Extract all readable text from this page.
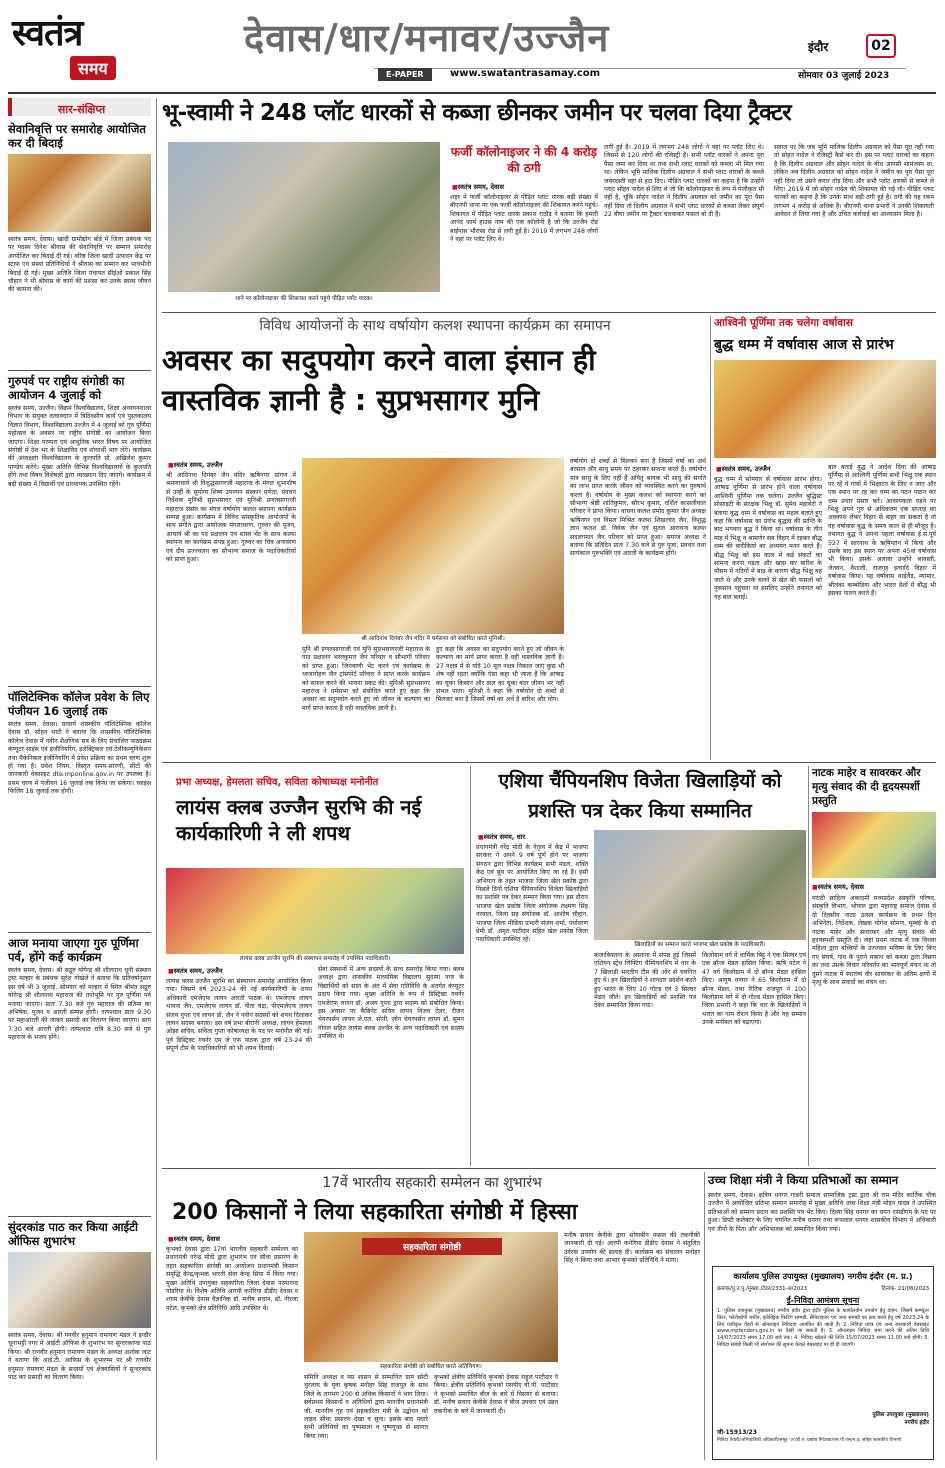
स्वतंत्र
समय
देवास/धार/मनावर/उज्जैन
E-PAPER	www.swatantrasamay.com
इंदौर	02
सोमवार 03 जुलाई 2023
सार-संक्षिप्त
सेवानिवृत्ति पर समारोह आयोजित कर दी बिदाई
स्वतंत्र समय, देवास। खादी ग्रामोद्योग बोर्ड में जिला प्रबंधक पद पर पदस्थ दिनेश श्रीवास की सेवानिवृत्ति पर सम्मान समारोह आयोजित कर बिदाई दी गई। वरिष्ठ जिला खादी उत्पादन केंद्र पर स्टाफ एवं संस्था प्रतिनिधियों ने श्रीवास का सम्मान कर भावभीनी बिदाई दी गई। मुख्य अतिथि जिला पंचायत सीईओ प्रकाश सिंह चौहान ने भी श्रीवास के कार्य की प्रशंसा कर उनके स्वस्थ जीवन की कामना की।
गुरुपर्व पर राष्ट्रीय संगोष्ठी का आयोजन 4 जुलाई को
स्वतंत्र समय, उज्जैन। विक्रम विश्वविद्यालय, शिक्षा अध्ययनशाला विभाग के संयुक्त तत्वावधान में त्रिदिवसीय कार्य एवं पुस्तकालय विज्ञान विभाग, विश्वविद्यालय उज्जैन में 4 जुलाई को गुरु पूर्णिमा महोत्सव के अवसर पर राष्ट्रीय संगोष्ठी का आयोजन किया जाएगा। शिक्षा परम्परा एवं आधुनिक भारत विषय पर आयोजित संगोष्ठी में देश भर के शिक्षाविद एवं शोधार्थी भाग लेंगे। कार्यक्रम की अध्यक्षता विश्वविद्यालय के कुलपति प्रो. अखिलेश कुमार पाण्डेय करेंगे। मुख्य अतिथि विभिन्न विश्वविद्यालयों के कुलपति होंगे तथा विषय विशेषज्ञों द्वारा व्याख्यान दिए जाएंगे। कार्यक्रम में बड़ी संख्या में विद्यार्थी एवं प्राध्यापक उपस्थित रहेंगे।
पॉलिटेक्निक कॉलेज प्रवेश के लिए पंजीयन 16 जुलाई तक
स्वतंत्र समय, देवास। प्राचार्य शासकीय पॉलिटेक्निक कॉलेज देवास डॉ. सोहन भाटी ने बताया कि शासकीय पॉलिटेक्निक कॉलेज देवास में नवीन शैक्षणिक सत्र के लिए संचालित पाठ्यक्रम कंप्यूटर साइंस एवं इंजीनियरिंग, इलेक्ट्रिकल एवं टेलीकम्युनिकेशन तथा मैकेनिकल इंजीनियरिंग में प्रवेश प्रक्रिया का प्रथम चरण शुरू हो गया है। प्रवेश नियम, विस्तृत समय-सारणी, सीटों की जानकारी वेबसाइट dte.mponline.gov.in पर उपलब्ध है। प्रथम चरण में पंजीयन 16 जुलाई तक किया जा सकेगा। च्वाइस फिलिंग 18 जुलाई तक होगी।
आज मनाया जाएगा गुरु पूर्णिमा पर्व, होंगे कई कार्यक्रम
स्वतंत्र समय, देवास। श्री सद्गुरु योगेन्द्र श्री शीलनाथ धूनी संस्थान ट्रस्ट मल्हार के प्रबंधक सुरेश गोखले ने बताया कि प्रतिवर्षानुसार इस वर्ष भी 3 जुलाई, सोमवार को मल्हार में स्थित श्रीमंत सद्गुरु योगेन्द्र श्री शीलनाथ महाराज की तपोभूमि पर गुरु पूर्णिमा पर्व मनाया जाएगा। प्रातः 7.30 बजे गुरु महाराज की प्रतिमा का अभिषेक, पूजन व आरती सम्पन्न होगी। तत्पश्चात प्रातः 9.30 पर महाआरती की जाकर प्रसादी का वितरण किया जाएगा। सायं 7.30 बजे आरती होगी। तत्पश्चात रात्रि 8.30 बजे से गुरु महाराज के भजन होंगे।
सुंदरकांड पाठ कर किया आईटी ऑफिस शुभारंभ
स्वतंत्र समय, देवास। श्री पनवीर हनुमान रामायण मंडल ने इन्दौर चूनाभट्टी नगर में आईटी ऑफिस के शुभारंभ पर सुन्दरकाण्ड पाठ किया। श्री रत्नवीर हनुमान रामायण मंडल के अध्यक्ष अशोक जाट ने बताया कि आई.टी. आफिस के शुभारम्भ पर श्री रत्नवीर हनुमान रामायण मंडल के सदस्यों एवं क्षेत्रवासियों ने सुन्दरकांड पाठ कर प्रसादी का वितरण किया।
भू-स्वामी ने 248 प्लॉट धारकों से कब्जा छीनकर जमीन पर चलवा दिया ट्रैक्टर
थाने पर कॉलोनाइजर की शिकायत करने पहुंचे पीड़ित प्लॉट धारक।
फर्जी कॉलोनाइजर ने की 4 करोड़ की ठगी
■ स्वतंत्र समय, देवास
शहर में फर्जी कॉलोनाइजर से पीड़ित प्लाट धारक बड़ी संख्या में बीएनपी थाना पर एक फर्जी कॉलोनाइजर की शिकायत करने पहुंचे। शिकायत में पीड़ित प्लाट धारक प्रकाश राठौड़ ने बताया कि हमारी आनंद फार्म हाउस नाम की एक कॉलोनी है जो कि उज्जैन रोड बाईपास भौरासा रोड से लगी हुई है। 2019 में लगभग 248 लोगों ने वहां पर प्लॉट लिए थे।
लगी हुई है। 2019 में लगभग 248 लोगों ने वहां पर प्लॉट लिए थे। जिसमें से 120 लोगों की रजिस्ट्री है। सभी प्लॉट धारकों ने अपना पूरा पैसा जमा कर दिया था तथा सभी प्लाट धारकों को कब्जा भी मिल गया था। लेकिन भूमि मालिक दिलीप अग्रवाल ने सभी प्लाट धारकों के कब्जे जबरदस्ती वहां से हटा दिए। पीड़ित प्लाट धारकों का कहना है कि उन्होंने प्लाट सोहन नादेल से लिए थे जो कि कॉलोनाइजर के रूप में पंजीकृत भी नहीं है, चूंकि सोहन नादेल ने दिलीप अग्रवाल को जमीन का पूरा पैसा नहीं दिया तो दिलीप अग्रवाल ने सभी प्लाट धारकों से कब्जा लेकर संपूर्ण 22 बीघा जमीन पर ट्रैक्टर चलवाकर फसल बो दी है।
सवाल पर कि जब भूमि मालिक दिलीप अग्रवाल को पैसा पूरा नहीं गया तो सोहन नादेल ने रजिस्ट्री कैसे कर दी। इस पर प्लाट धारकों का कहना है कि दिलीप अग्रवाल और सोहन नादेल के बीच आपसी सामंजस्य था, लेकिन जब दिलीप अग्रवाल को सोहन नादेल ने जमीन का पूरा पैसा पूरा नहीं दिया तो उसने करार तोड़ दिया और सभी प्लॉट धारकों से कब्जे ले लिए। 2019 में जो सोहन नादेल की शिकायत की गई थी। पीड़ित प्लाट धारकों का कहना है कि उनके साथ बड़ी ठगी हुई है। ठगी की यह रकम लगभग 4 करोड़ से अधिक है। बीएनपी थाना प्रभारी ने उनकी शिकायती आवेदन ले लिया गया है और उचित कार्रवाई का आश्वासन मिला है।
विविध आयोजनों के साथ वर्षायोग कलश स्थापना कार्यक्रम का समापन
अवसर का सदुपयोग करने वाला इंसान ही वास्तविक ज्ञानी है : सुप्रभसागर मुनि
■ स्वतंत्र समय, उज्जैन
श्री आदिनाथ दिगंबर जैन मंदिर ऋषिनगर प्रांगण में श्रमणाचार्य श्री विशुद्धसागरजी महाराज के मंगल शुभाशीष से उन्हीं के सुयोग्य शिष्य उपनयन संस्कार प्रणेता, प्रवचन निर्देशक मुनिश्री सुप्रभसागर एवं मुनिश्री प्रणतसागरजी महाराज संसंघ का मंगल वर्षायोग कलश स्थापना कार्यक्रम सम्पन्न हुआ। कार्यक्रम में विविध सांस्कृतिक आयोजनों के साथ संगीत द्वारा आयोजक मंगलाचरण, गुरुवर की पूजन, आचार्य श्री का पद प्रक्षालन एवं शास्त्र भेंट के साथ कलश स्थापना का कार्यक्रम संपन्न हुआ। गुरुवर का चित्र अनावरण एवं दीप प्रज्ज्वलन का सौभाग्य समाज के पदाधिकारियों को प्राप्त हुआ।
श्री आदिनाथ दिगंबर जैन मंदिर में धर्मसभा को संबोधित करते मुनिश्री।
मुनि श्री प्रणतसागरजी एवं मुनि सुप्रभसागरजी महाराज के पाद प्रक्षालन भरतकुमार जैन परिवार व सौभागी परिवार को प्राप्त हुआ। जिनवाणी भेंट करने एवं कार्यक्रम के ध्वजारोहण जैन ट्रांसपोर्ट परिवार ने प्राप्त करके कार्यक्रम को सफल करने की भावना प्रकट की। मुनिश्री सुप्रभसागर महाराज ने धर्मसभा को संबोधित करते हुए कहा कि अवसर का सदुपयोग करते हुए जो जीवन के कल्याण का मार्ग प्राप्त करता है वही वास्तविक ज्ञानी है।
हुए कहा कि अवसर का सदुपयोग करते हुए जो जीवन के कल्याण का मार्ग प्राप्त करता है वही वास्तविक ज्ञानी है। 27 नक्षत्र में से यदि 10 मूल नक्षत्र निकाल जाएं कुछ भी शेष नहीं रहता क्योंकि ऐसा कहा भी जाता है कि आषाढ़ का चूका किसान और डाल का चूका बंदर जीवन भर नहीं संभल पाता। मुनिश्री ने कहा कि वर्षायोग दो शब्दों से मिलकर बना है जिसमें वर्षा का अर्थ है बारिश और योग।
वर्षायोग दो शब्दों से मिलकर बना है जिसमें वर्षा का अर्थ बरसात और साधु समय पर ठहरकर साधना करते हैं। वर्षायोग मात्र साधु के लिए नहीं हैं अपितु श्रावक भी साधु की संगति का लाभ प्राप्त करके जीवन को व्यवस्थित करने का पुरुषार्थ करता है। वर्षायोग के मुख्य कलश को स्थापना करने का सौभाग्य श्रेष्ठी शांतिकुमार, सौरभ कुमार, दर्शित कासलीवाल परिवार ने प्राप्त किया। वाचना कलश प्रमोद कुमार जैन अध्यक्ष ऋषिनगर एवं विमल मिश्रित कलश शिखरचंद जैन, विशुद्ध ज्ञान कलश डॉ. विवेक जैन एवं सुतल आराधना कलश सदलगमल जैन परिवार को प्राप्त हुआ। समाज अध्यक्ष ने बताया कि प्रतिदिन प्रातः 7.30 बजे से गुरु पूजा, प्रवचन तथा सायंकाल गुरुभक्ति एवं आरती के कार्यक्रम होंगे।
आश्विनी पूर्णिमा तक चलेगा वर्षावास
बुद्ध धम्म में वर्षावास आज से प्रारंभ
■ स्वतंत्र समय, उज्जैन
बुद्ध धम्म में सोमवार से वर्षावास प्रारंभ होगा। आषाढ़ पूर्णिमा से प्रारंभ होने वाला वर्षावास आश्विनी पूर्णिमा तक चलेगा। उज्जैन बुद्धिस्ट सोसाइटी के संरक्षक भिक्षु डॉ. सुमेध महाथेरो ने बताया बुद्ध धम्म में वर्षावास का महत्व बताते हुए कहा कि वर्षावास का प्रारंभ बुद्धत्व की प्राप्ति के बाद भगवान बुद्ध ने किया था। वर्षावास के तीन माह में भिक्षु व श्रामणेर सब विहार में रहकर बौद्ध धम्म की बारीकियों का अध्ययन मनन करते हैं। बौद्ध भिक्षु को इस काल में कई संकटों का सामना करना पड़ता और खास कर बारिश के मौसम में नदियों में बाढ़ के कारण बौद्ध भिक्षु बह जाते थे और उनके चलने से खेत की फसलों को नुकसान पहुंचता था इसलिए उन्होंने तथागत को यह बात बताई।
बात बताई बुद्ध ने आदेश दिया की आषाढ़ पूर्णिमा से आश्विनी पूर्णिमा सभी भिक्षु एक स्थान पर रहें ये गांवों में भिक्षाटन के लिए न जाए और एक स्थान पर रह कर धम्म का पठन पाठन कर धम्म प्रचार प्रसार करें। आवश्यकता पड़ने पर भिक्षु अपने गुरु से अधिकतम एक सप्ताह का अवकाश लेकर विहार से बाहर जा सकता है तो वह वर्षावास बुद्ध के समय काल से ही मौजूद है। तथागत बुद्ध ने अपना पहला वर्षावास ई.स.पूर्व 527 में सारनाथ के ऋषिपतन में किया और उसके बाद इस स्थान पर अपना 45वां वर्षावास भी किया। इसके अलावा उन्होंने श्रावस्ती, जेतवन, वैशाली, राजगृह इत्यादि विहार में वर्षावास किया। यह वर्षावास थाईलैंड, म्यांमार, श्रीलंका कम्बोडिया और भारत देशों में बौद्ध भी इसका पालन करते हैं।
प्रभा अध्यक्ष, हेमलता सचिव, सविता कोषाध्यक्ष मनोनीत
लायंस क्लब उज्जैन सुरभि की नई कार्यकारिणी ने ली शपथ
लायंस क्लब उज्जैन सुरभि की संस्थापन समारोह में उपस्थित पदाधिकारी।
■ स्वतंत्र समय, उज्जैन
लायंस क्लब उज्जैन सुरभि का संस्थापन समारोह आयोजित किया गया। जिसमें वर्ष 2023-24 की नई कार्यकारिणी के शपथ अधिकारी एमजेएफ लायन आरती पाठक थे। एमजेएफ लायन भावना जैन, एमजेएफ लायन डॉ. नीता चंद्रा, पीएमजेएफ लायन संजय गुप्ता एवं लायन डॉ. जैन ने नवीन सदस्यों को शपथ दिलाकर लायन सदस्य बनाया। इस वर्ष प्रभा बीरानी अध्यक्ष, लायन हेमलता ओझा सचिव, सविता गुप्ता कोषाध्यक्ष के पद पर मनोनीत की गई। पूर्व डिस्ट्रिक्ट गवर्नर एम जे एफ पाठक द्वारा वर्ष 23-24 की संपूर्ण टीम के पदाधिकारियों को भी शपथ दिलाई।
सेवा संस्थानों में अन्य सदस्यों के साथ समारोह किया गया। क्लब अध्यक्ष द्वारा शासकीय माध्यमिक विद्यालय सुदामा नगर के विद्यार्थियों को साल के अंत में सेवा गतिविधि के अंतर्गत कंप्यूटर प्रदाय किया गया। मुख्य अतिथि के रूप में डिस्ट्रिक्ट गवर्नर एमजेएफ लायन डॉ. अजय गुप्ता द्वारा सदस्य को संबोधित किया। इस अवसर पर कैबिनेट सचिव लायन विजय टेलर, रीजन चेयरपर्सन लायन जे.एल. सोनी, ज़ोन चेयरपर्सन लायन डॉ. सुमन गोयल सहित लायंस क्लब उज्जैन के अन्य पदाधिकारी एवं सदस्य उपस्थित थे।
एशिया चैंपियनशिप विजेता खिलाड़ियों को प्रशस्ति पत्र देकर किया सम्मानित
■ स्वतंत्र समय, धार
प्रधानमंत्री नरेंद्र मोदी के नेतृत्व में केंद्र में भाजपा सरकार ने अपने 9 वर्ष पूर्ण होने पर भाजपा संगठन द्वारा विभिन्न कार्यक्रम सभी मंडल, शक्ति केंद्र एवं बूथ पर आयोजित किए जा रहे हैं। इसी अभियान के तहत भाजपा जिला खेल प्रकोष्ठ द्वारा पिछले दिनों एशिया चैंपियनशिप विजेता खिलाड़ियों का प्रशस्ति पत्र देकर सम्मान किया गया। इस दौरान भाजपा खेल प्रकोष्ठ जिला संयोजक लक्ष्मण सिंह नरवाल, जिला सह संयोजक डॉ. आशीष चौहान, भाजपा जिला मीडिया प्रभारी संजय शर्मा, पर्यावरण प्रेमी डॉ. अमृत पाटीदार सहित खेल प्रकोष्ठ जिला पदाधिकारी उपस्थित रहे।
खिलाड़ियों का सम्मान करते भाजपा खेल प्रकोष्ठ के पदाधिकारी।
कजाकिस्तान के अस्ताना में संपन्न हुई जिसमें एशियन स्ट्रेंथ लिफ्टिंग चैम्पियनशिप में धार के 7 खिलाड़ी भारतीय टीम की ओर से चयनित हुए थे। इन खिलाड़ियों ने शानदार प्रदर्शन करते हुए भारत के लिए 10 गोल्ड एवं 3 सिल्वर मेडल जीते। इन खिलाड़ियों को प्रशस्ति पत्र देकर सम्मानित किया गया।
किलोग्राम वर्ग में धार्मिक बिट्टू ने एक सिल्वर एवं एक ब्रॉन्ज मेडल हासिल किया। ऋषि पटेल ने 47 वर्ग किलोग्राम में दो ब्रॉन्ज मेडल हासिल किए। आयुष धनगर ने 65 किलोग्राम में दो ब्रॉन्ज मेडल, तथा रितिक राजपूत ने 100 किलोग्राम वर्ग में दो गोल्ड मेडल हासिल किए। जिला प्रभारी ने कहा कि धार के खिलाड़ियों ने भारत का नाम रोशन किया है और यह सम्मान उनके मनोबल को बढ़ाएगा।
नाटक माहेर व सावरकर और मृत्यु संवाद की दी हृदयस्पर्शी प्रस्तुति
■ स्वतंत्र समय, देवास
मराठी साहित्य अकादमी मध्यप्रदेश संस्कृति परिषद, संस्कृति विभाग, भोपाल द्वारा महाराष्ट्र समाज देवास में दो दिवसीय नाट्य उत्सव कार्यक्रम के प्रथम दिन अभिनेता, निर्देशक, लेखक योगेश सोमण, मुम्बई के दो नाटक माहेर और सावरकर और मृत्यु संवाद की हृदयस्पर्शी प्रस्तुति दी। जहां प्रथम नाटक में एक विधवा महिला द्वारा बच्चियों के उज्ज्वल भविष्य के लिए किए गए संघर्ष, गांव के पुराने मकान को कब्जा द्वारा विक्रय का तथा उसके विचार परिवर्तन का भावपूर्ण मंचन था तो दूसरे नाटक में स्वातंत्र्य वीर सावरकर के अंतिम क्षणों में मृत्यु के साथ संवादों का मंचन था।
17वें भारतीय सहकारी सम्मेलन का शुभारंभ
200 किसानों ने लिया सहकारिता संगोष्ठी में हिस्सा
■ स्वतंत्र समय, देवास
कृभको देवास द्वारा 17वां भारतीय सहकारी सम्मेलन का प्रधानमंत्री नरेन्द्र मोदी द्वारा शुभारंभ एवं सीधा प्रसारण के तहत सहकारिता संगोष्ठी का आयोजन प्रधानमंत्री किसान समृद्धि केन्द्र/कृभक भारती सेवा केन्द्र सिया में किया गया। मुख्य अतिथि उपायुक्त सहकारिता जिला देवास परमानन्द गोडरिया थे। विशेष अतिथि आरपी कनेरिया डीडीए देवास व श्याम केवीके देवास वैज्ञानिक डॉ. मनीष सचान, डॉ. नीरजा पटेल, कृभको क्षेत्र प्रतिनिधि आदि उपस्थित थे।
सहकारिता संगोष्ठी
सहकारिता संगोष्ठी को संबोधित करते अतिथिगण।
समिति अध्यक्ष व मप्र शासन से सम्मानित ग्राम छोटी चुरलाय के युवा कृषक मनोहर सिंह राजपूत के साथ जिले के लगभग 200 से अधिक किसानों ने भाग लिया। सर्वप्रथम किसानों व अतिथियों द्वारा माननीय प्रधानमंत्री जी, माननीय गृह एवं सहकारिता मंत्री के उद्बोधन को लाइव सीधा प्रसारण देखा व सुना। इसके बाद पधारे सभी अतिथियों का पुष्पमाला व पुष्पगुच्छ से स्वागत किया गया।
कृभको क्षेत्रीय प्रतिनिधि कृभको देवास राहुल पाटीदार ने किया। क्षेत्रीय प्रतिनिधि कृभको एसपीए वी.पी. पाटीदार ने कृभको प्रमाणित बीज के बारे में विस्तार से बताया। डॉ. मनीष सचान केवीके देवास ने बीज उपचार एवं उन्नत तकनीक के बारे में जानकारी दी।
मनीष सचान केवीके द्वारा सोयाबीन फसल की तकनीकी जानकारी दी गई। आरपी कनेरिया डीडीए देवास ने संतुलित उर्वरक उपयोग की सलाह दी। कार्यक्रम का संचालन मनोहर सिंह ने किया तथा आभार कृभको प्रतिनिधि ने माना।
उच्च शिक्षा मंत्री ने किया प्रतिभाओं का सम्मान
स्वतंत्र समय, देवास। क्षत्रिय धनगर गाडरी समाज सामाजिक ट्रस्ट द्वारा श्री राम मंदिर कार्तिक चौक उज्जैन में आयोजित प्रतिभा सम्मान समारोह में मुख्य अतिथि उच्च शिक्षा मंत्री मोहन यादव ने उपस्थित प्रतिभाओं को सम्मान प्रदान कर प्रशस्ति पत्र भेंट किए। दिव्या सिंह धनगर का चयन एसडीएम के पद पर हुआ। डिप्टी कलेक्टर के लिए चयनित मनीष धनगर तथा रूपलाल धनगर शासकीय विभाग में अधिकारी एवं तीनों के पिता और अभिभावक को सम्मानित किया गया।
कार्यालय पुलिस उपायुक्त (मुख्यालय) नगरीय इंदौर (म. प्र.)
क्रमांक/पु.उ.पु./मुख्या./टेंडर/2331-अ/2023	दिनांक- 21/06/2023
ई-निविदा आमंत्रण सूचना
1. पुलिस उपायुक्त (मुख्यालय) नगरीय इंदौर द्वारा इंदौर पुलिस के कार्यालयीन उपयोग हेतु वाहन, जिसमें कम्प्यूटर प्रिंटर, फोटोकॉपी मशीन, इलेक्ट्रिक फिटिंग सामग्री, सैनिटाइजर एवं अन्य सामग्री का क्रय करने हेतु वर्ष 2023-24 के लिए पंजीकृत वेंडरों से ऑनलाइन निविदाएं आमंत्रित की जाती हैं। 2. निविदा प्रपत्र एवं अन्य जानकारी वेबसाइट www.mptenders.gov.in पर देखी जा सकती है। 3. ऑनलाइन निविदा जमा करने की अंतिम तिथि 14/07/2023 समय 17.00 बजे तक। 4. निविदा खोलने की तिथि 15/07/2023 समय 11.00 बजे होगी। 5. निविदा संबंधी किसी भी संशोधन की सूचना केवल वेबसाइट पर ही दी जाएगी।
पुलिस उपायुक्त (मुख्यालय)
नगरीय इंदौर
जी-15913/23
निविदा तैयारी/अभियांत्रिकी अधिकारी/समूह 'अ'/डी.ए. प्रकोष्ठ निदेशक/एस.पी.एस/म.प्र. सहित शासकीय विभागों
